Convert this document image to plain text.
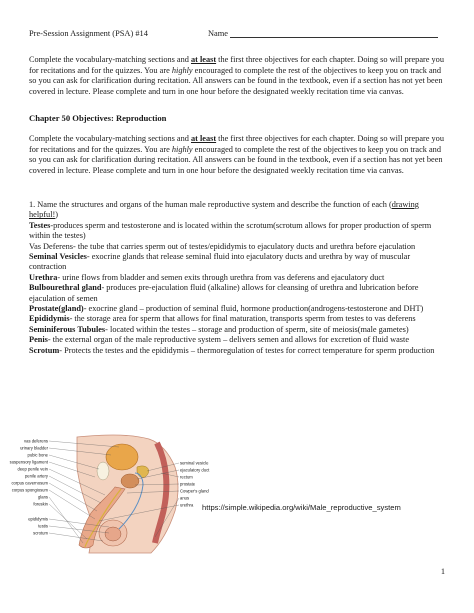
Pre-Session Assignment (PSA) #14	Name
Complete the vocabulary-matching sections and at least the first three objectives for each chapter. Doing so will prepare you for recitations and for the quizzes. You are highly encouraged to complete the rest of the objectives to keep you on track and so you can ask for clarification during recitation. All answers can be found in the textbook, even if a section has not yet been covered in lecture. Please complete and turn in one hour before the designated weekly recitation time via canvas.
Chapter 50 Objectives: Reproduction
Complete the vocabulary-matching sections and at least the first three objectives for each chapter. Doing so will prepare you for recitations and for the quizzes. You are highly encouraged to complete the rest of the objectives to keep you on track and so you can ask for clarification during recitation. All answers can be found in the textbook, even if a section has not yet been covered in lecture. Please complete and turn in one hour before the designated weekly recitation time via canvas.
1. Name the structures and organs of the human male reproductive system and describe the function of each (drawing helpful!)
Testes-produces sperm and testosterone and is located within the scrotum(scrotum allows for proper production of sperm within the testes)
Vas Deferens- the tube that carries sperm out of testes/epididymis to ejaculatory ducts and urethra before ejaculation
Seminal Vesicles- exocrine glands that release seminal fluid into ejaculatory ducts and urethra by way of muscular contraction
Urethra- urine flows from bladder and semen exits through urethra from vas deferens and ejaculatory duct
Bulbourethral gland- produces pre-ejaculation fluid (alkaline) allows for cleansing of urethra and lubrication before ejaculation of semen
Prostate(gland)- exocrine gland – production of seminal fluid, hormone production(androgens-testosterone and DHT)
Epididymis- the storage area for sperm that allows for final maturation, transports sperm from testes to vas deferens
Seminiferous Tubules- located within the testes – storage and production of sperm, site of meiosis(male gametes)
Penis- the external organ of the male reproductive system – delivers semen and allows for excretion of fluid waste
Scrotum- Protects the testes and the epididymis – thermoregulation of testes for correct temperature for sperm production
vas deferens
urinary bladder
pubic bone
suspensory ligament
deep penile vein
penile artery
corpus cavernosum
corpus spongiosum
glans
foreskin
epididymis
testis
scrotum
seminal vesicle
ejaculatory duct
rectum
prostate
Cowper's gland
anus
urethra https://simple.wikipedia.org/wiki/Male_reproductive_system
1
